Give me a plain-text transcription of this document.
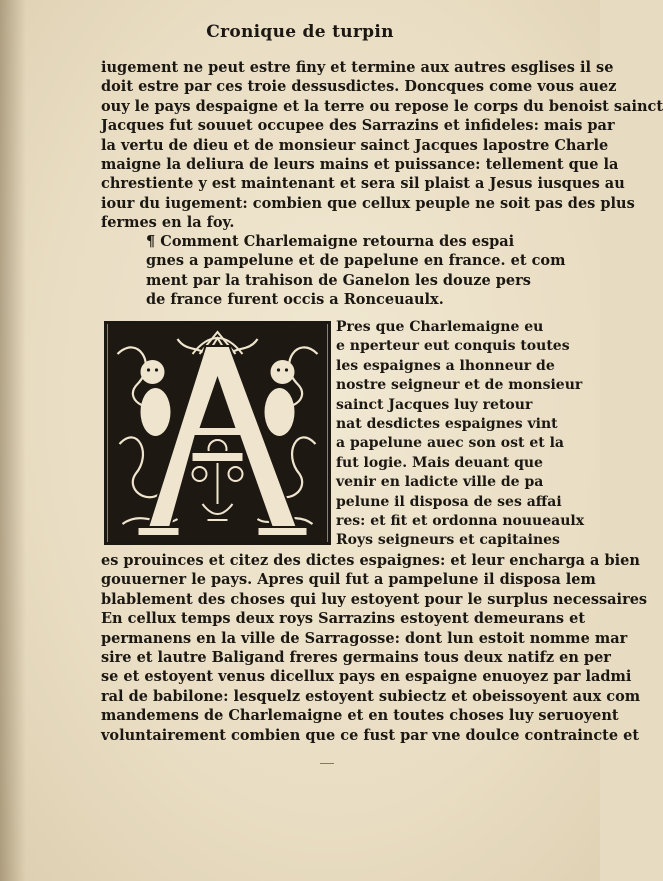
Cronique de turpin
iugement ne peut estre finy et termine aux autres esglises il se
doit estre par ces troie dessusdictes. Doncques come vous auez
ouy le pays despaigne et la terre ou repose le corps du benoist sainct
Jacques fut souuet occupee des Sarrazins et infideles: mais par
la vertu de dieu et de monsieur sainct Jacques lapostre Charle
maigne la deliura de leurs mains et puissance: tellement que la
chrestiente y est maintenant et sera sil plaist a Jesus iusques au
iour du iugement: combien que cellux peuple ne soit pas des plus
fermes en la foy.
¶ Comment Charlemaigne retourna des espai
gnes a pampelune et de papelune en france. et com
ment par la trahison de Ganelon les douze pers
de france furent occis a Ronceuaulx.
Pres que Charlemaigne eu
e nperteur eut conquis toutes
les espaignes a lhonneur de
nostre seigneur et de monsieur
sainct Jacques luy retour
nat desdictes espaignes vint
a papelune auec son ost et la
fut logie. Mais deuant que
venir en ladicte ville de pa
pelune il disposa de ses affai
res: et fit et ordonna nouueaulx
Roys seigneurs et capitaines
es prouinces et citez des dictes espaignes: et leur encharga a bien
gouuerner le pays. Apres quil fut a pampelune il disposa lem
blablement des choses qui luy estoyent pour le surplus necessaires
En cellux temps deux roys Sarrazins estoyent demeurans et
permanens en la ville de Sarragosse: dont lun estoit nomme mar
sire et lautre Baligand freres germains tous deux natifz en per
se et estoyent venus dicellux pays en espaigne enuoyez par ladmi
ral de babilone: lesquelz estoyent subiectz et obeissoyent aux com
mandemens de Charlemaigne et en toutes choses luy seruoyent
voluntairement combien que ce fust par vne doulce contraincte et
